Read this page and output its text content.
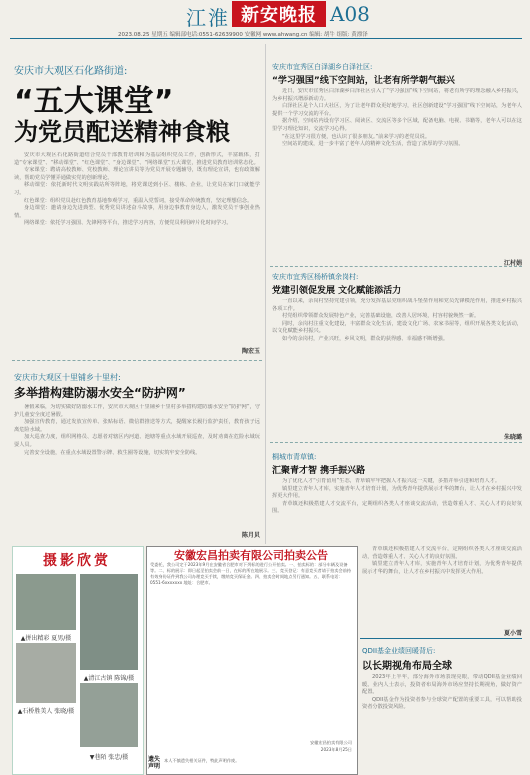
江淮 新安晚报 A08
2023.08.25 星期五 编辑部电话:0551-62639900 安徽网 www.ahwang.cn 编辑: 胡牛 组版: 黄漂泽
安庆市大观区石化路街道:
“五大课堂”
为党员配送精神食粮

安庆市大观区石化路街道结合党员干部教育培训和为基层组织党员工作，创新形式，丰富载体，打造“专家课堂”、“移动课堂”、“红色课堂”、“身边课堂”、“网络课堂”五大课堂，推进党员教育培训常态化。

专家课堂：聘请高校教师、党校教师、理论宣讲员等为党员开展专题辅导，既有理论宣讲，也有政策解读，帮助党员学懂弄通做实党的创新理论。

移动课堂：依托新时代文明实践站所等阵地，将党课送到小区、楼栋、企业，让党员在家门口就能学习。

红色课堂：组织党员赴红色教育基地参观学习，重温入党誓词，接受革命传统教育，坚定理想信念。

身边课堂：邀请身边先进典型、优秀党员讲述奋斗故事，用身边事教育身边人，激发党员干事创业热情。

网络课堂：依托学习强国、先锋网等平台，推送学习内容，方便党员利用碎片化时间学习。

陶宏玉
安庆市大观区十里铺乡十里村:
多举措构建防溺水安全“防护网”

暑假来临，为切实做好防溺水工作，安庆市大观区十里铺乡十里村多举措构建防溺水安全“防护网”，守护儿童安全度过暑假。

加强宣传教育，通过发放宣传单、张贴标语、微信群推送等方式，提醒家长履行监护责任，教育孩子远离危险水域。

加大巡查力度，组织网格员、志愿者对辖区内河道、池塘等重点水域开展巡查，及时劝离在危险水域玩耍人员。

完善安全设施，在重点水域设置警示牌、救生圈等设施，切实筑牢安全防线。

陈月贝
安庆市宜秀区白泽湖乡白泽社区:
“学习强国”线下空间站，让老有所学朝气振兴

近日，安庆市宜秀区白泽湖乡白泽社区引入了“学习强国”线下空间站，将老有所学的理念融入乡村振兴，为乡村振兴增添新动力。

白泽社区是个人口大社区，为了让老年群众更好地学习，社区创新建设“学习强国”线下空间站，为老年人提供一个学习交流的平台。

据介绍，空间站内设有学习区、阅读区、交流区等多个区域，配备电脑、电视、书籍等，老年人可以在这里学习理论知识，交流学习心得。

“在这里学习很方便，也认识了很多朋友。”前来学习的老党员说。

空间站的建成，进一步丰富了老年人的精神文化生活，营造了浓厚的学习氛围。

江村娟
安庆市宜秀区杨桥镇余岗村:
党建引领促发展 文化赋能添活力

一直以来，余岗村坚持党建引领，充分发挥基层党组织战斗堡垒作用和党员先锋模范作用，推进乡村振兴各项工作。

村党组织带领群众发展特色产业，完善基础设施，改善人居环境，村容村貌焕然一新。

同时，余岗村注重文化建设，丰富群众文化生活，建设文化广场、农家书屋等，组织开展各类文化活动，以文化赋能乡村振兴。

如今的余岗村，产业兴旺，乡风文明，群众的获得感、幸福感不断增强。

朱晓璐
桐城市青草镇:
汇聚青才智 携手振兴路

为了优化人才“引育留用”生态，青草镇牢牢把握人才振兴这一关键，多措并举引进和培育人才。

镇里建立青年人才库，实施青年人才培育计划，为优秀青年提供展示才华的舞台，让人才在乡村振兴中发挥更大作用。

青草镇还积极搭建人才交流平台，定期组织各类人才座谈交流活动，营造尊重人才、关心人才的良好氛围。

摄影欣赏
▲拼出精彩 夏男/摄
▲清江古镇 陈锦/摄
▲石桥胜美人 张晓/摄
▼巷陌 张忠/摄
安徽宏昌拍卖有限公司拍卖公告
受委托，我公司定于2023年9月在安徽省合肥市对下列标的进行公开拍卖。一、拍卖标的：部分车辆及设备等。二、标的展示：即日起至拍卖会前一日，在标的所在地展示。三、竞买登记：有意竞买者请于拍卖会前持有效身份证件到我公司办理竞买手续，缴纳竞买保证金。四、拍卖会时间地点另行通知。五、联系电话：0551-6xxxxxxx 地址：合肥市。
安徽宏昌拍卖有限公司
2023年8月25日
遗失声明
本人不慎遗失相关证件，特此声明作废。
QDII基金业绩回暖背后:
以长期视角布局全球

2023年上半年，部分海外市场表现亮眼，带动QDII基金业绩回暖。业内人士表示，投资者布局海外市场应坚持长期视角，做好资产配置。

QDII基金作为投资者参与全球资产配置的重要工具，可以帮助投资者分散投资风险。

青草镇还积极搭建人才交流平台，定期组织各类人才座谈交流活动，营造尊重人才、关心人才的良好氛围。

镇里建立青年人才库，实施青年人才培育计划，为优秀青年提供展示才华的舞台，让人才在乡村振兴中发挥更大作用。

夏小雪
